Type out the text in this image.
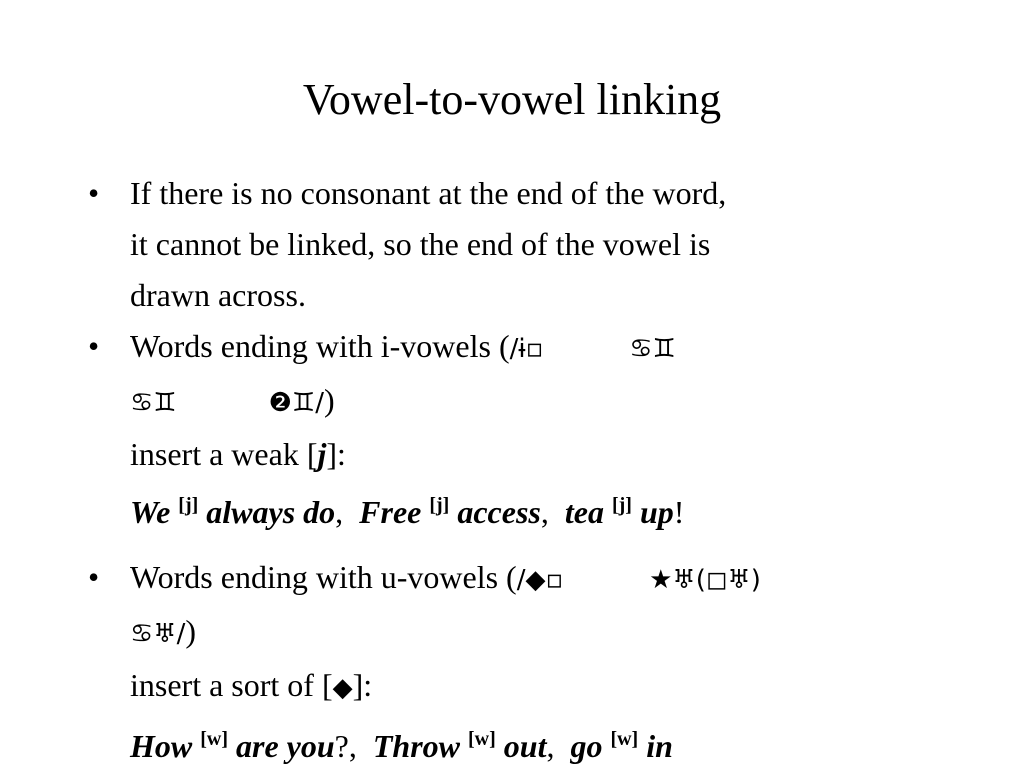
Vowel-to-vowel linking
• If there is no consonant at the end of the word,
it cannot be linked, so the end of the vowel is
drawn across.
• Words ending with i-vowels (/ɨ▫	♋♊
♋♊	❷♊/)
insert a weak [j]:
We [j] always do, Free [j] access, tea [j] up!
• Words ending with u-vowels (/◆▫	★♅(◻♅)
♋♅/)
insert a sort of [◆]:
How [w] are you?, Throw [w] out, go [w] in
